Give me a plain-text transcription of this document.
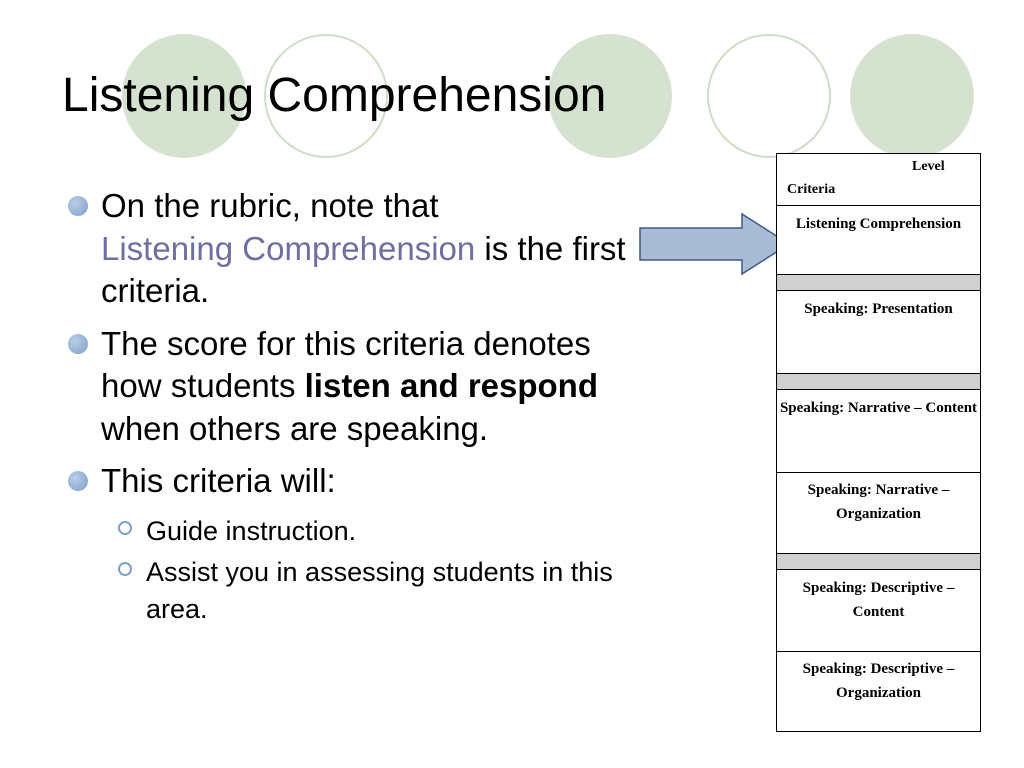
Listening Comprehension
On the rubric, note that
Listening Comprehension is the first criteria.
The score for this criteria denotes how students listen and respond when others are speaking.
This criteria will:
Guide instruction.
Assist you in assessing students in this area.
Level
Criteria
Listening Comprehension
Speaking: Presentation
Speaking: Narrative – Content
Speaking: Narrative – Organization
Speaking: Descriptive – Content
Speaking: Descriptive – Organization
